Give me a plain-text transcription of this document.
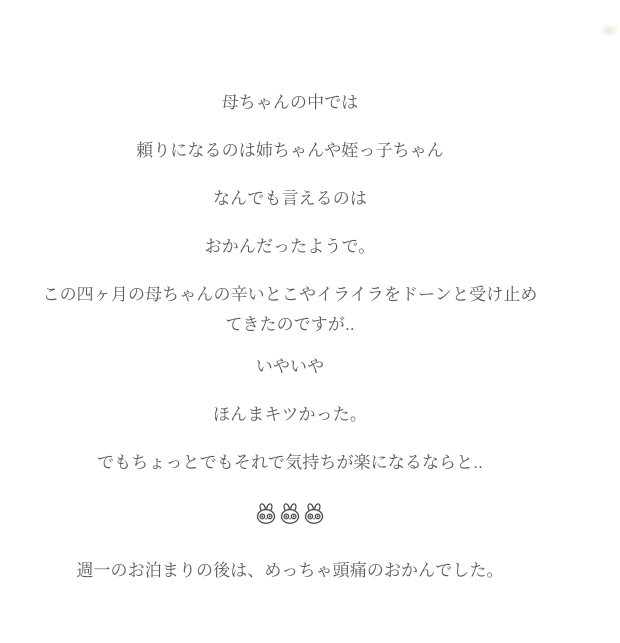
母ちゃんの中では

頼りになるのは姉ちゃんや姪っ子ちゃん

なんでも言えるのは

おかんだったようで。

この四ヶ月の母ちゃんの辛いとこやイライラをドーンと受け止めてきたのですが..

いやいや

ほんまキツかった。

でもちょっとでもそれで気持ちが楽になるならと..

週一のお泊まりの後は、めっちゃ頭痛のおかんでした。
